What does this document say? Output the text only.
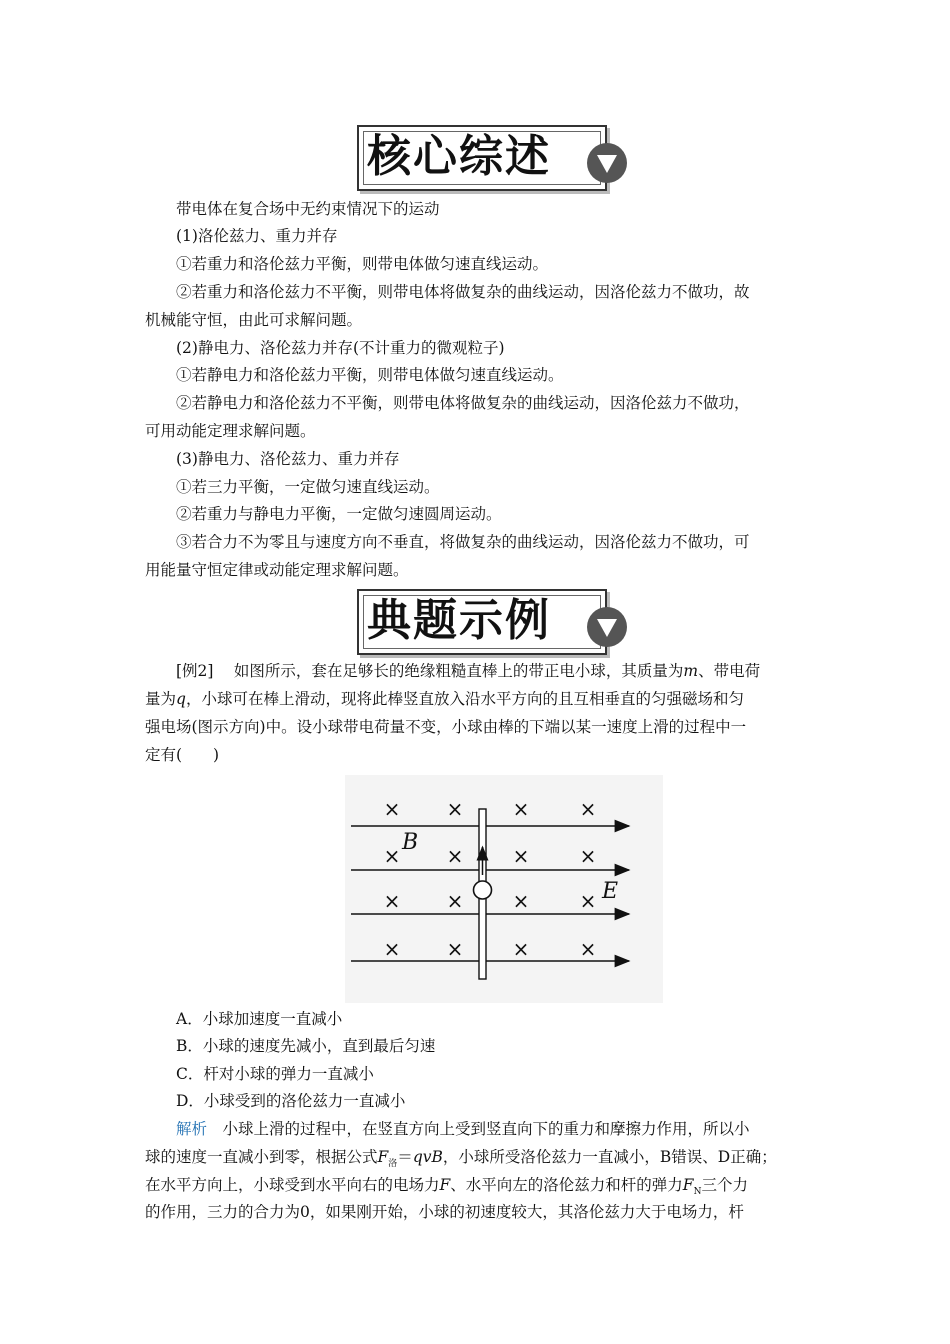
核心综述
带电体在复合场中无约束情况下的运动
(1)洛伦兹力、重力并存
①若重力和洛伦兹力平衡，则带电体做匀速直线运动。
②若重力和洛伦兹力不平衡，则带电体将做复杂的曲线运动，因洛伦兹力不做功，故
机械能守恒，由此可求解问题。
(2)静电力、洛伦兹力并存(不计重力的微观粒子)
①若静电力和洛伦兹力平衡，则带电体做匀速直线运动。
②若静电力和洛伦兹力不平衡，则带电体将做复杂的曲线运动，因洛伦兹力不做功，
可用动能定理求解问题。
(3)静电力、洛伦兹力、重力并存
①若三力平衡，一定做匀速直线运动。
②若重力与静电力平衡，一定做匀速圆周运动。
③若合力不为零且与速度方向不垂直，将做复杂的曲线运动，因洛伦兹力不做功，可
用能量守恒定律或动能定理求解问题。
典题示例
[例2]　 如图所示，套在足够长的绝缘粗糙直棒上的带正电小球，其质量为m、带电荷
量为q，小球可在棒上滑动，现将此棒竖直放入沿水平方向的且互相垂直的匀强磁场和匀
强电场(图示方向)中。设小球带电荷量不变，小球由棒的下端以某一速度上滑的过程中一
定有(　　)
× × ×	×
× × ×	×
× × ×	×
× × ×	×
B
E
A．小球加速度一直减小
B．小球的速度先减小，直到最后匀速
C．杆对小球的弹力一直减小
D．小球受到的洛伦兹力一直减小
解析　 小球上滑的过程中，在竖直方向上受到竖直向下的重力和摩擦力作用，所以小
球的速度一直减小到零，根据公式$F_洛=qvB$，小球所受洛伦兹力一直减小，B错误、D正确；
在水平方向上，小球受到水平向右的电场力F、水平向左的洛伦兹力和杆的弹力$F_N$三个力
的作用，三力的合力为0，如果刚开始，小球的初速度较大，其洛伦兹力大于电场力，杆
